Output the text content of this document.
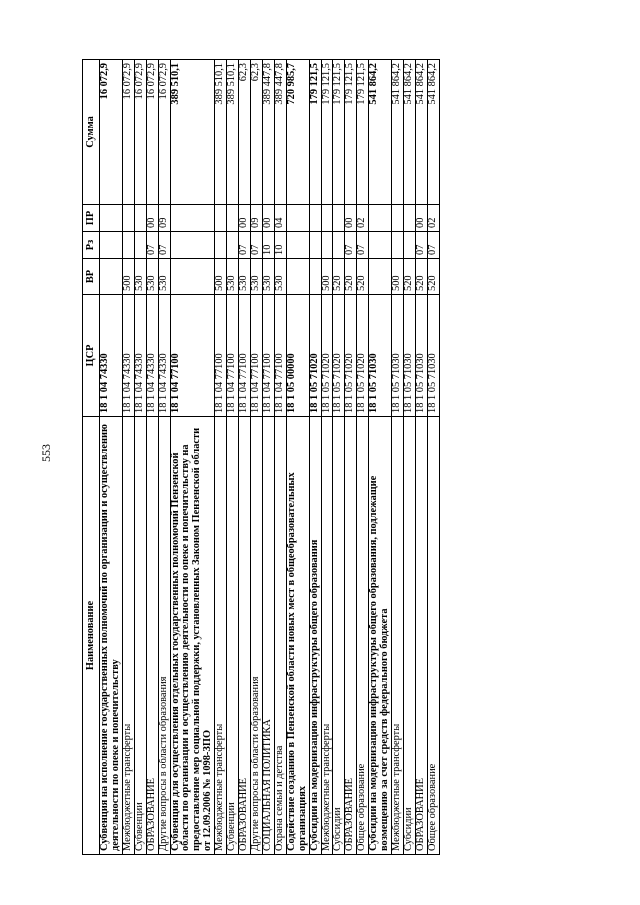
553
Наименование	ЦСР	ВР	Рз	ПР	Сумма
Субвенция на исполнение государственных полномочий по организации и осуществлению деятельности по опеке и попечительству	18 1 04 74330				16 072,9
Межбюджетные трансферты	18 1 04 74330	500			16 072,9
Субвенции	18 1 04 74330	530			16 072,9
ОБРАЗОВАНИЕ	18 1 04 74330	530	07	00	16 072,9
Другие вопросы в области образования	18 1 04 74330	530	07	09	16 072,9
Субвенция для осуществления отдельных государственных полномочий Пензенской области по организации и осуществлению деятельности по опеке и попечительству на предоставление мер социальной поддержки, установленных Законом Пензенской области от 12.09.2006 № 1098-ЗПО	18 1 04 77100				389 510,1
Межбюджетные трансферты	18 1 04 77100	500			389 510,1
Субвенции	18 1 04 77100	530			389 510,1
ОБРАЗОВАНИЕ	18 1 04 77100	530	07	00	62,3
Другие вопросы в области образования	18 1 04 77100	530	07	09	62,3
СОЦИАЛЬНАЯ ПОЛИТИКА	18 1 04 77100	530	10	00	389 447,8
Охрана семьи и детства	18 1 04 77100	530	10	04	389 447,8
Содействие созданию в Пензенской области новых мест в общеобразовательных организациях	18 1 05 00000				720 985,7
Субсидии на модернизацию инфраструктуры общего образования	18 1 05 71020				179 121,5
Межбюджетные трансферты	18 1 05 71020	500			179 121,5
Субсидии	18 1 05 71020	520			179 121,5
ОБРАЗОВАНИЕ	18 1 05 71020	520	07	00	179 121,5
Общее образование	18 1 05 71020	520	07	02	179 121,5
Субсидии на модернизацию инфраструктуры общего образования, подлежащие возмещению за счет средств федерального бюджета	18 1 05 71030				541 864,2
Межбюджетные трансферты	18 1 05 71030	500			541 864,2
Субсидии	18 1 05 71030	520			541 864,2
ОБРАЗОВАНИЕ	18 1 05 71030	520	07	00	541 864,2
Общее образование	18 1 05 71030	520	07	02	541 864,2
